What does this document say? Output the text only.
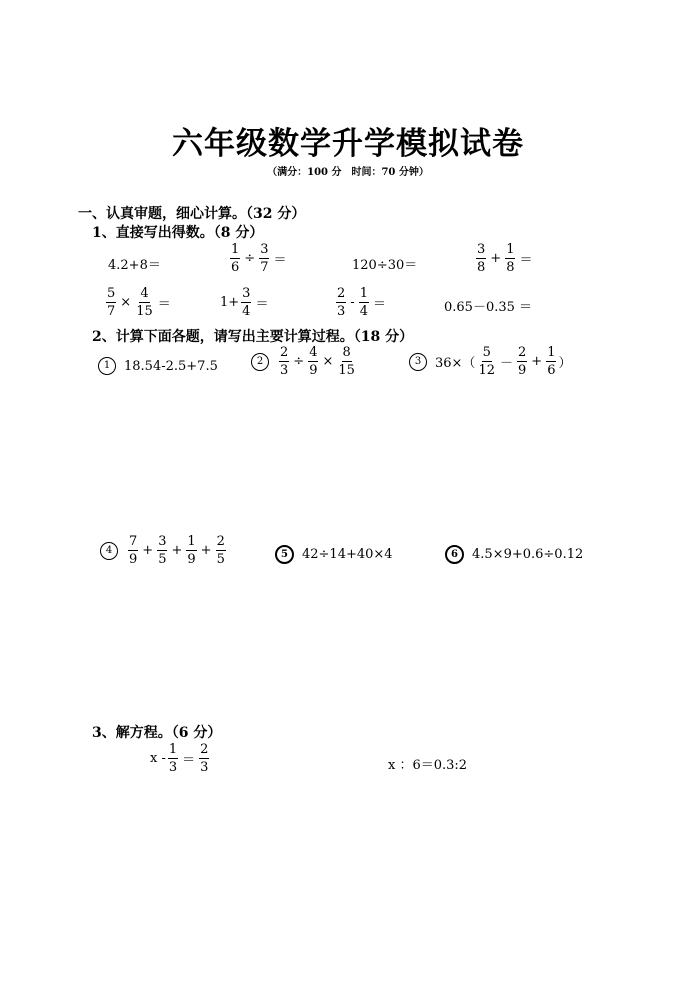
六年级数学升学模拟试卷
（满分：100 分　时间：70 分钟）
一、认真审题，细心计算。（32 分）
1、直接写出得数。（8 分）
4.2+8＝	$\frac{1}{6} \div \frac{3}{7}$ ＝	120÷30＝	$\frac{3}{8} + \frac{1}{8}$ ＝
$\frac{5}{7} \times \frac{4}{15}$ ＝	$1+ \frac{3}{4}$ ＝	$\frac{2}{3} - \frac{1}{4}$ ＝	0.65－0.35 ＝
2、计算下面各题，请写出主要计算过程。（18 分）
1	18.54-2.5+7.5	2	$\frac{2}{3} \div \frac{4}{9} \times \frac{8}{15}$	3	$36\times( \frac{5}{12} - \frac{2}{9} + \frac{1}{6}$ ）
4	$\frac{7}{9} + \frac{3}{5} + \frac{1}{9} + \frac{2}{5}$	5	42÷14+40×4	6	4.5×9+0.6÷0.12
3、解方程。（6 分）
$x - \frac{1}{3} = \frac{2}{3}$	x ：6＝0.3:2
